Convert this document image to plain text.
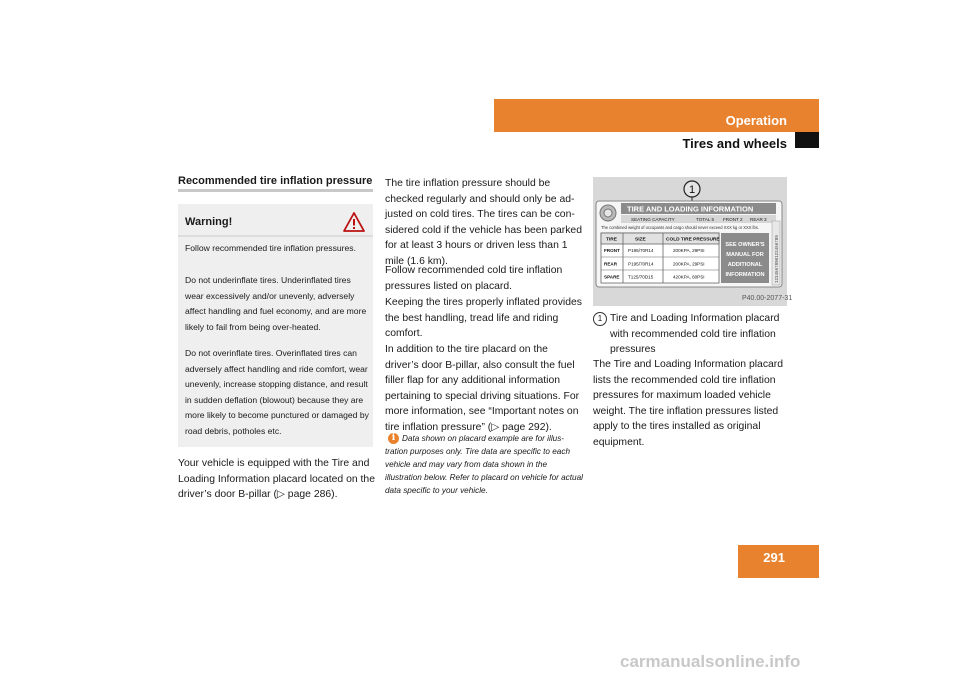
Operation
Tires and wheels
Recommended tire inflation pressure
Warning!

Follow recommended tire inflation pressures.

Do not underinflate tires. Underinflated tires wear excessively and/or unevenly, adversely affect handling and fuel economy, and are more likely to fail from being over-heated.

Do not overinflate tires. Overinflated tires can adversely affect handling and ride comfort, wear unevenly, increase stopping distance, and result in sudden deflation (blowout) because they are more likely to become punctured or damaged by road debris, potholes etc.

Your vehicle is equipped with the Tire and Loading Information placard located on the driver’s door B-pillar (▷ page 286).

The tire inflation pressure should be checked regularly and should only be ad-justed on cold tires. The tires can be con-sidered cold if the vehicle has been parked for at least 3 hours or driven less than 1 mile (1.6 km).

Follow recommended cold tire inflation pressures listed on placard.

Keeping the tires properly inflated provides the best handling, tread life and riding comfort.

In addition to the tire placard on the driver’s door B-pillar, also consult the fuel filler flap for any additional information pertaining to special driving situations. For more information, see “Important notes on tire inflation pressure” (▷ page 292).

Data shown on placard example are for illus-tration purposes only. Tire data are specific to each vehicle and may vary from data shown in the illustration below. Refer to placard on vehicle for actual data specific to your vehicle.

i
1
TIRE AND LOADING INFORMATION
SEATING CAPACITY	TOTAL 5 FRONT 2 REAR 3
The combined weight of occupants and cargo should never exceed XXX kg or XXX lbs.
TIRE	SIZE	COLD TIRE PRESSURE
FRONT P195/70R14	200KPA, 29PSI
REAR P195/70R14	200KPA, 29PSI
SPARE T125/70D15	420KPA, 60PSI
SEE OWNER'S
MANUAL FOR
ADDITIONAL
INFORMATION	1234567890123456789
P40.00-2077-31
1 Tire and Loading Information placard with recommended cold tire inflation pressures

The Tire and Loading Information placard lists the recommended cold tire inflation pressures for maximum loaded vehicle weight. The tire inflation pressures listed apply to the tires installed as original equipment.

291
carmanualsonline.info
